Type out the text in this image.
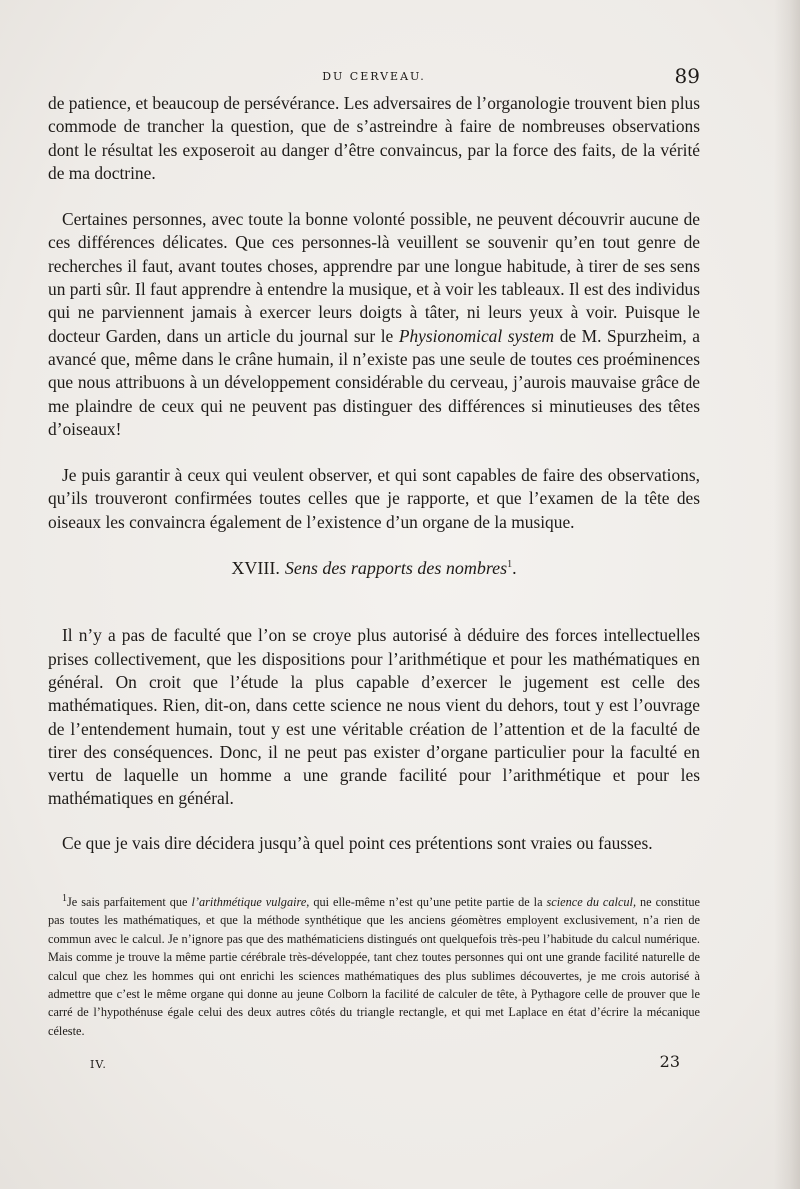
DU CERVEAU.	89

de patience, et beaucoup de persévérance. Les adversaires de l’organologie trouvent bien plus commode de trancher la question, que de s’astreindre à faire de nombreuses observations dont le résultat les exposeroit au danger d’être convaincus, par la force des faits, de la vérité de ma doctrine.

Certaines personnes, avec toute la bonne volonté possible, ne peuvent découvrir aucune de ces différences délicates. Que ces personnes-là veuillent se souvenir qu’en tout genre de recherches il faut, avant toutes choses, apprendre par une longue habitude, à tirer de ses sens un parti sûr. Il faut apprendre à entendre la musique, et à voir les tableaux. Il est des individus qui ne parviennent jamais à exercer leurs doigts à tâter, ni leurs yeux à voir. Puisque le docteur Garden, dans un article du journal sur le Physionomical system de M. Spurzheim, a avancé que, même dans le crâne humain, il n’existe pas une seule de toutes ces proéminences que nous attribuons à un développement considérable du cerveau, j’aurois mauvaise grâce de me plaindre de ceux qui ne peuvent pas distinguer des différences si minutieuses des têtes d’oiseaux!

Je puis garantir à ceux qui veulent observer, et qui sont capables de faire des observations, qu’ils trouveront confirmées toutes celles que je rapporte, et que l’examen de la tête des oiseaux les convaincra également de l’existence d’un organe de la musique.

XVIII. Sens des rapports des nombres$^1$.

Il n’y a pas de faculté que l’on se croye plus autorisé à déduire des forces intellectuelles prises collectivement, que les dispositions pour l’arithmétique et pour les mathématiques en général. On croit que l’étude la plus capable d’exercer le jugement est celle des mathématiques. Rien, dit-on, dans cette science ne nous vient du dehors, tout y est l’ouvrage de l’entendement humain, tout y est une véritable création de l’attention et de la faculté de tirer des conséquences. Donc, il ne peut pas exister d’organe particulier pour la faculté en vertu de laquelle un homme a une grande facilité pour l’arithmétique et pour les mathématiques en général.

Ce que je vais dire décidera jusqu’à quel point ces prétentions sont vraies ou fausses.

$^1$Je sais parfaitement que l’arithmétique vulgaire, qui elle-même n’est qu’une petite partie de la science du calcul, ne constitue pas toutes les mathématiques, et que la méthode synthétique que les anciens géomètres employent exclusivement, n’a rien de commun avec le calcul. Je n’ignore pas que des mathématiciens distingués ont quelquefois très-peu l’habitude du calcul numérique. Mais comme je trouve la même partie cérébrale très-développée, tant chez toutes personnes qui ont une grande facilité naturelle de calcul que chez les hommes qui ont enrichi les sciences mathématiques des plus sublimes découvertes, je me crois autorisé à admettre que c’est le même organe qui donne au jeune Colborn la facilité de calculer de tête, à Pythagore celle de prouver que le carré de l’hypothénuse égale celui des deux autres côtés du triangle rectangle, et qui met Laplace en état d’écrire la mécanique céleste.

IV.	23
